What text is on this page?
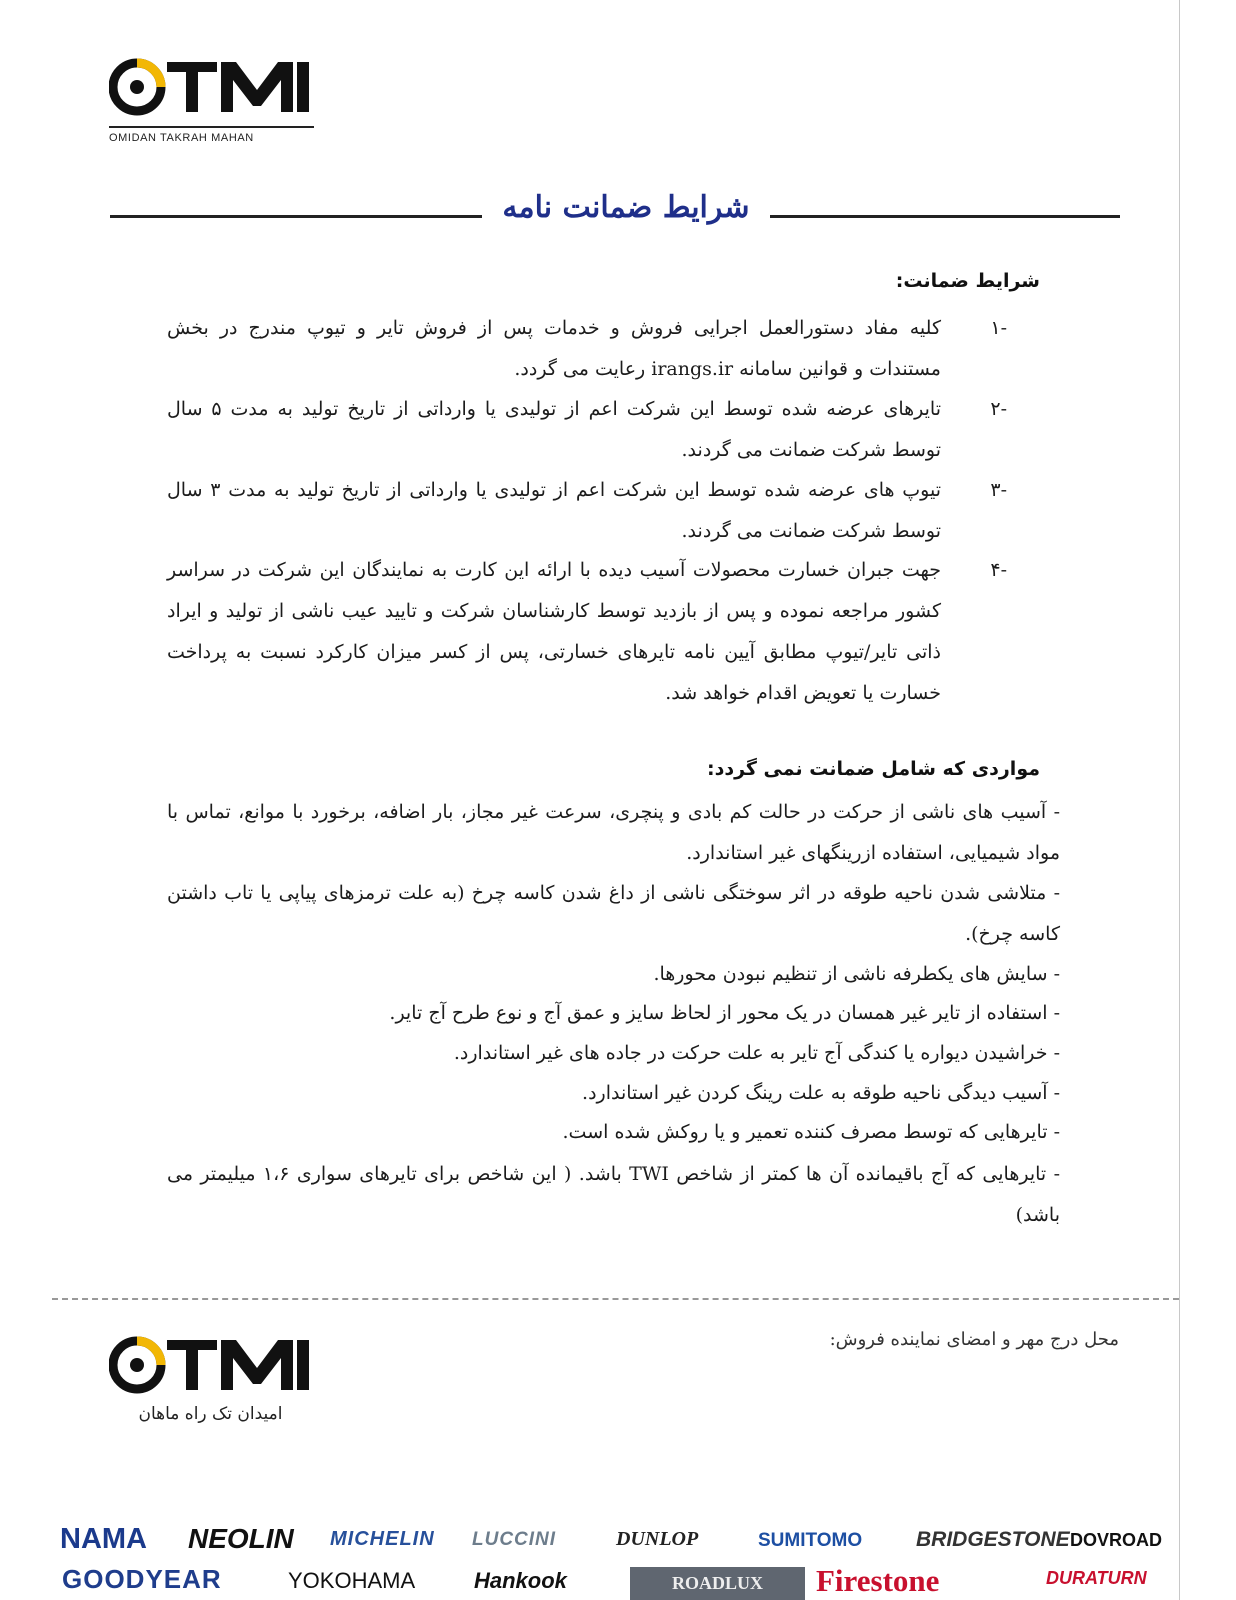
OMIDAN TAKRAH MAHAN
شرایط ضمانت نامه
شرایط ضمانت:
-۱
کلیه مفاد دستورالعمل اجرایی فروش و خدمات پس از فروش تایر و تیوپ مندرج در بخش مستندات و قوانین سامانه irangs.ir رعایت می گردد.
-۲
تایرهای عرضه شده توسط این شرکت اعم از تولیدی یا وارداتی از تاریخ تولید به مدت ۵ سال توسط شرکت ضمانت می گردند.
-۳
تیوپ های عرضه شده توسط این شرکت اعم از تولیدی یا وارداتی از تاریخ تولید به مدت ۳ سال توسط شرکت ضمانت می گردند.
-۴
جهت جبران خسارت محصولات آسیب دیده با ارائه این کارت به نمایندگان این شرکت در سراسر کشور مراجعه نموده و پس از بازدید توسط کارشناسان شرکت و تایید عیب ناشی از تولید و ایراد ذاتی تایر/تیوپ مطابق آیین نامه تایرهای خسارتی، پس از کسر میزان کارکرد نسبت به پرداخت خسارت یا تعویض اقدام خواهد شد.
مواردی که شامل ضمانت نمی گردد:
- آسیب های ناشی از حرکت در حالت کم بادی و پنچری، سرعت غیر مجاز، بار اضافه، برخورد با موانع، تماس با مواد شیمیایی، استفاده ازرینگهای غیر استاندارد.
- متلاشی شدن ناحیه طوقه در اثر سوختگی ناشی از داغ شدن کاسه چرخ (به علت ترمزهای پیاپی یا تاب داشتن کاسه چرخ).
- سایش های یکطرفه ناشی از تنظیم نبودن محورها.
- استفاده از تایر غیر همسان در یک محور از لحاظ سایز و عمق آج و نوع طرح آج تایر.
- خراشیدن دیواره یا کندگی آج تایر به علت حرکت در جاده های غیر استاندارد.
- آسیب دیدگی ناحیه طوقه به علت رینگ کردن غیر استاندارد.
- تایرهایی که توسط مصرف کننده تعمیر و یا روکش شده است.
- تایرهایی که آج باقیمانده آن ها کمتر از شاخص TWI باشد. ( این شاخص برای تایرهای سواری ۱،۶ میلیمتر می باشد)
محل درج مهر و امضای نماینده فروش:
امیدان تک راه ماهان
NAMA NEOLIN MICHELIN LUCCINI	DUNLOP	SUMITOMO	BRIDGESTONE DOVROAD
GOODYEAR	YOKOHAMA	Hankook	ROADLUX	Firestone	DURATURN
